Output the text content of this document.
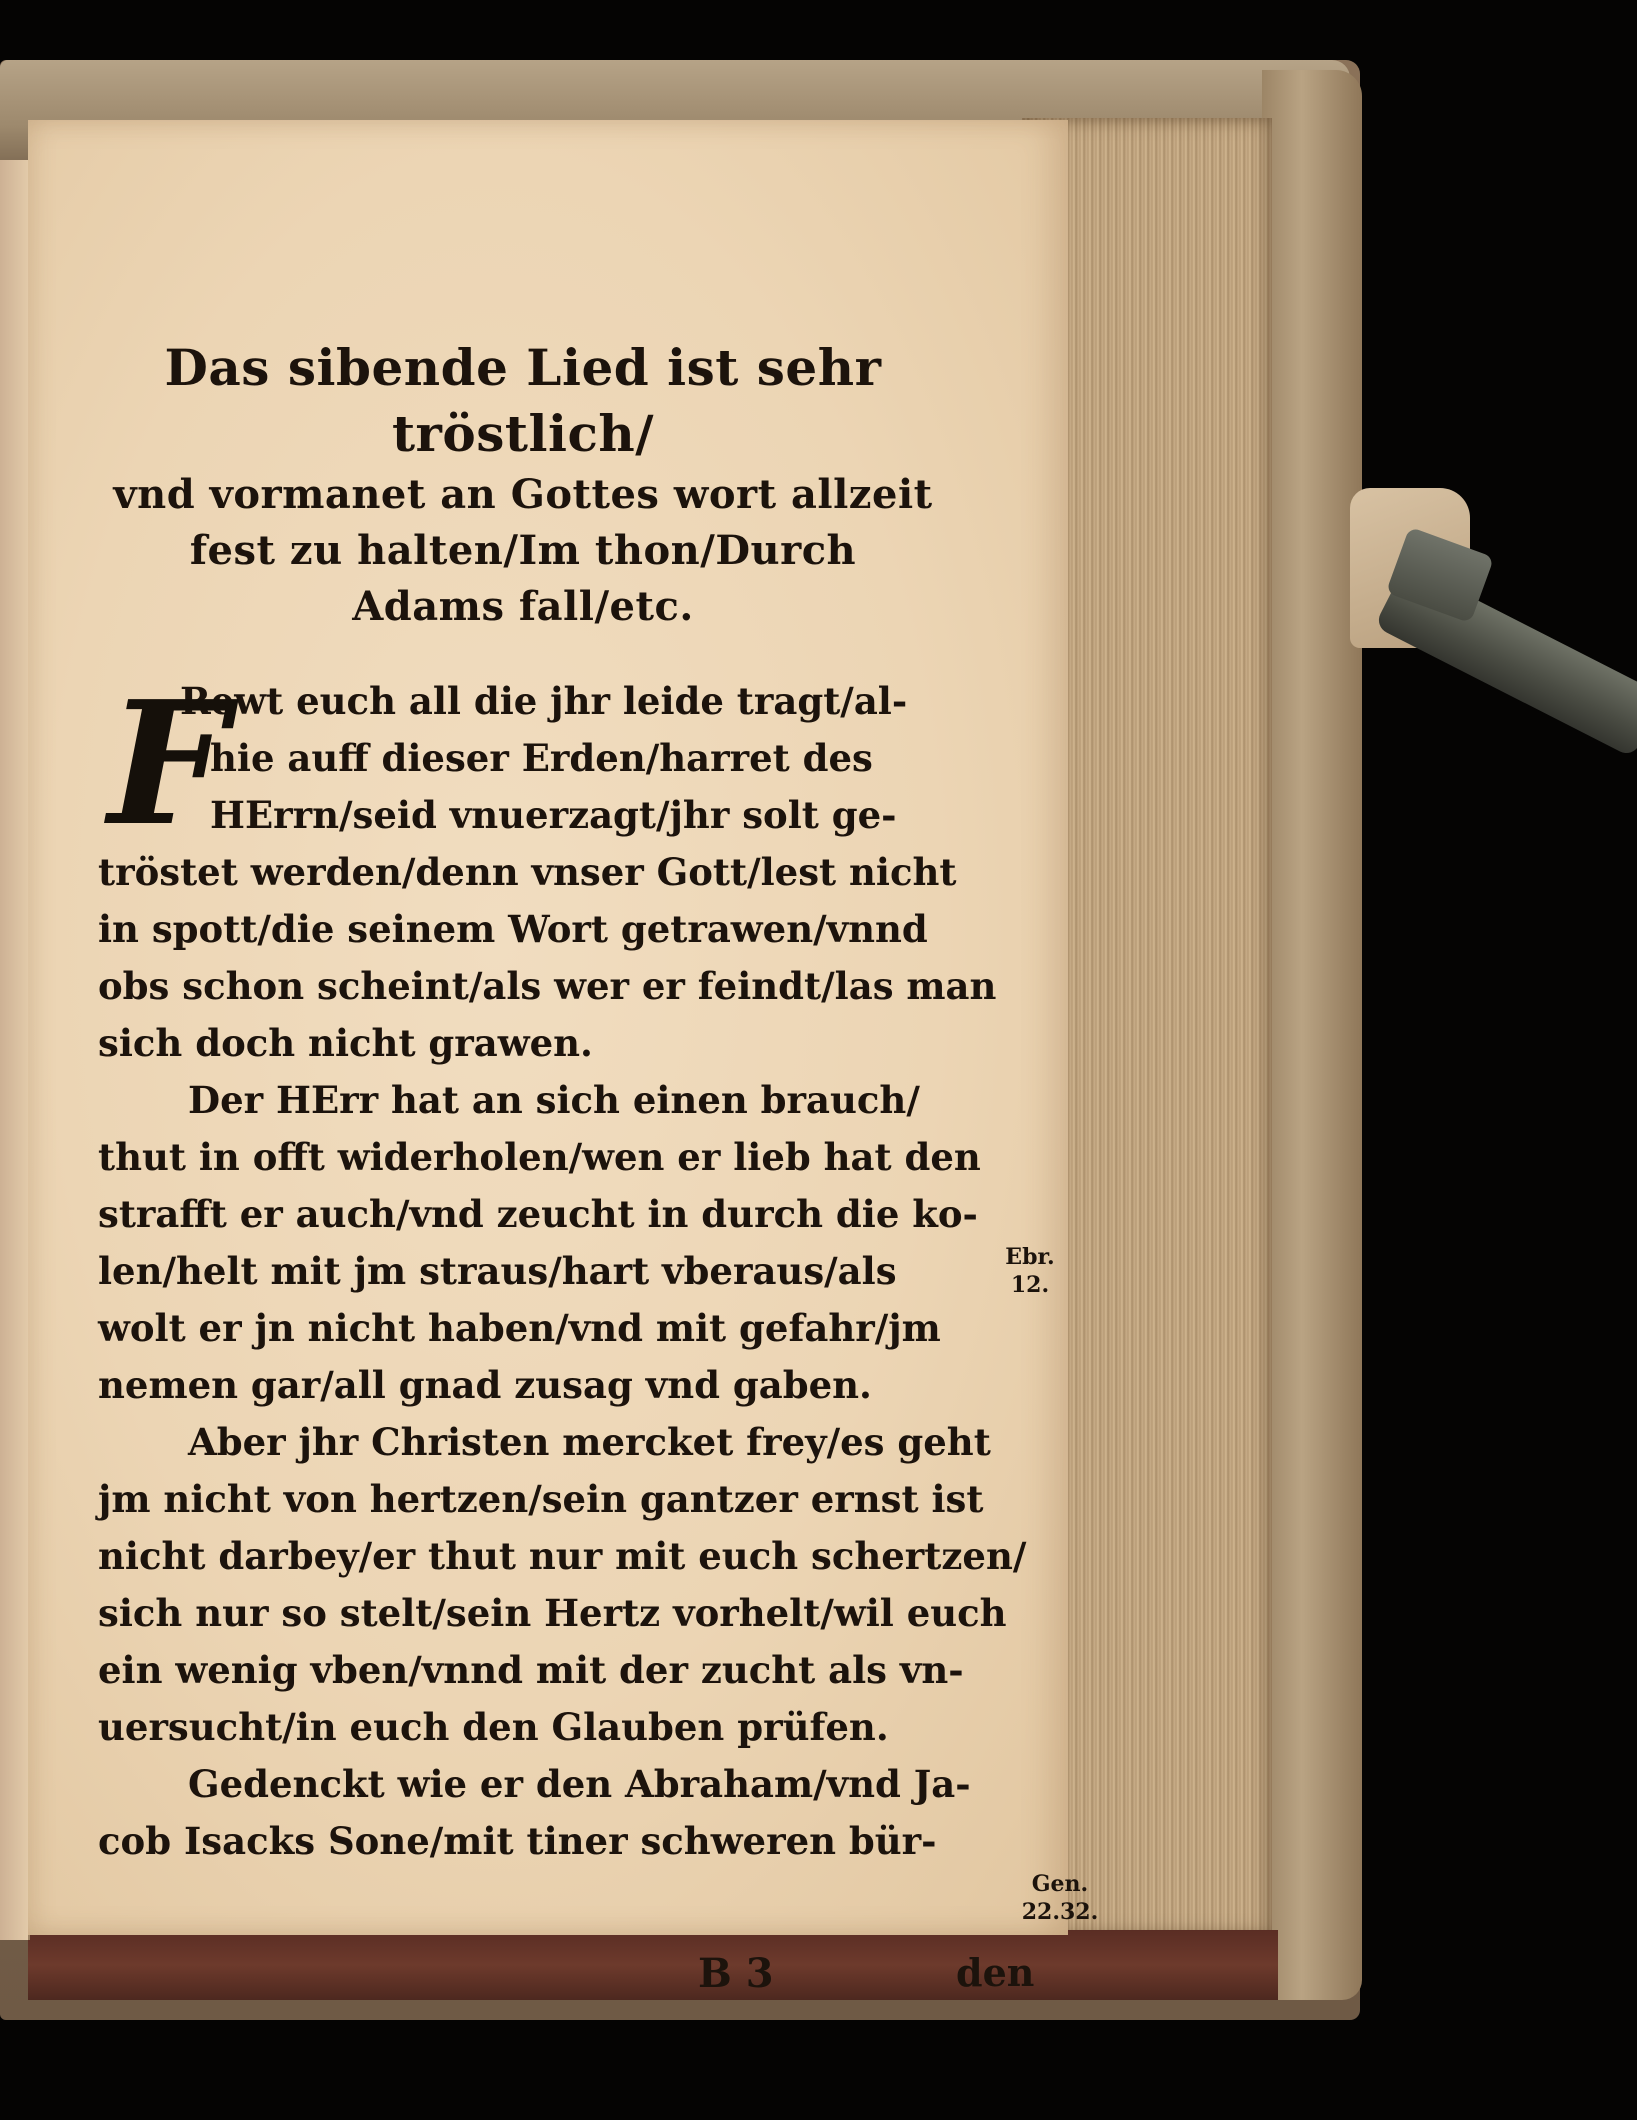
Das sibende Lied ist sehr tröstlich/
vnd vormanet an Gottes wort allzeit
fest zu halten/Im thon/Durch
Adams fall/etc.
F
Rewt euch all die jhr leide tragt/al-
hie auff dieser Erden/harret des
HErrn/seid vnuerzagt/jhr solt ge-
tröstet werden/denn vnser Gott/lest nicht
in spott/die seinem Wort getrawen/vnnd
obs schon scheint/als wer er feindt/las man
sich doch nicht grawen.
Der HErr hat an sich einen brauch/
thut in offt widerholen/wen er lieb hat den
strafft er auch/vnd zeucht in durch die ko-
len/helt mit jm straus/hart vberaus/als
wolt er jn nicht haben/vnd mit gefahr/jm
nemen gar/all gnad zusag vnd gaben.
Aber jhr Christen mercket frey/es geht
jm nicht von hertzen/sein gantzer ernst ist
nicht darbey/er thut nur mit euch schertzen/
sich nur so stelt/sein Hertz vorhelt/wil euch
ein wenig vben/vnnd mit der zucht als vn-
uersucht/in euch den Glauben prüfen.
Gedenckt wie er den Abraham/vnd Ja-
cob Isacks Sone/mit tiner schweren bür-
Ebr.
12.
Gen.
22.32.
B 3	den
